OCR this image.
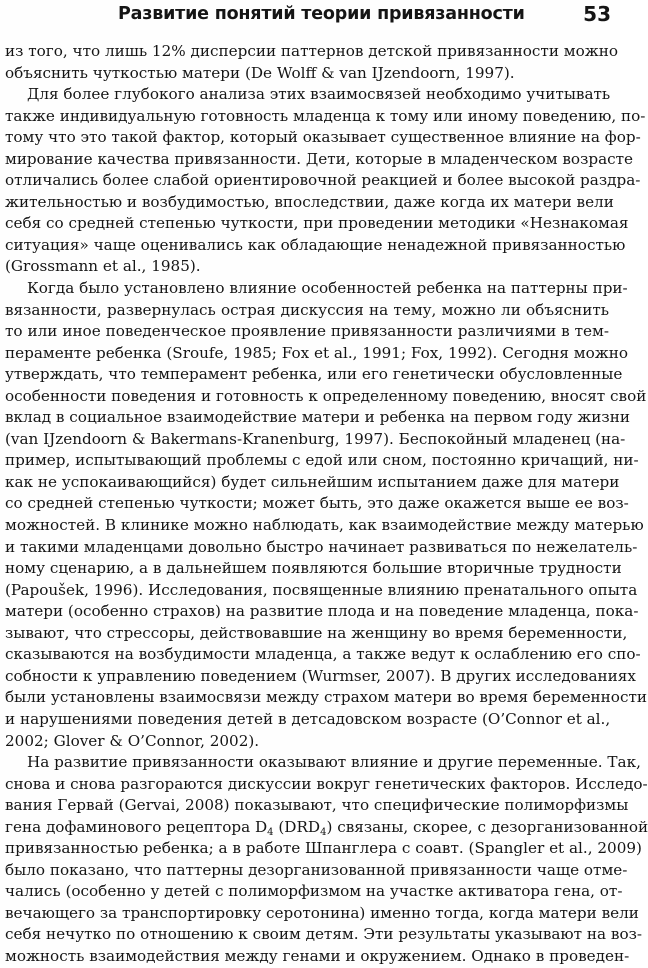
Развитие понятий теории привязанности	53
из того, что лишь 12% дисперсии паттернов детской привязанности можно
объяснить чуткостью матери (De Wolff & van IJzendoorn, 1997).
Для более глубокого анализа этих взаимосвязей необходимо учитывать
также индивидуальную готовность младенца к тому или иному поведению, по-
тому что это такой фактор, который оказывает существенное влияние на фор-
мирование качества привязанности. Дети, которые в младенческом возрасте
отличались более слабой ориентировочной реакцией и более высокой раздра-
жительностью и возбудимостью, впоследствии, даже когда их матери вели
себя со средней степенью чуткости, при проведении методики «Незнакомая
ситуация» чаще оценивались как обладающие ненадежной привязанностью
(Grossmann et al., 1985).
Когда было установлено влияние особенностей ребенка на паттерны при-
вязанности, развернулась острая дискуссия на тему, можно ли объяснить
то или иное поведенческое проявление привязанности различиями в тем-
пераменте ребенка (Sroufe, 1985; Fox et al., 1991; Fox, 1992). Сегодня можно
утверждать, что темперамент ребенка, или его генетически обусловленные
особенности поведения и готовность к определенному поведению, вносят свой
вклад в социальное взаимодействие матери и ребенка на первом году жизни
(van IJzendoorn & Bakermans-Kranenburg, 1997). Беспокойный младенец (на-
пример, испытывающий проблемы с едой или сном, постоянно кричащий, ни-
как не успокаивающийся) будет сильнейшим испытанием даже для матери
со средней степенью чуткости; может быть, это даже окажется выше ее воз-
можностей. В клинике можно наблюдать, как взаимодействие между матерью
и такими младенцами довольно быстро начинает развиваться по нежелатель-
ному сценарию, а в дальнейшем появляются большие вторичные трудности
(Papoušek, 1996). Исследования, посвященные влиянию пренатального опыта
матери (особенно страхов) на развитие плода и на поведение младенца, пока-
зывают, что стрессоры, действовавшие на женщину во время беременности,
сказываются на возбудимости младенца, а также ведут к ослаблению его спо-
собности к управлению поведением (Wurmser, 2007). В других исследованиях
были установлены взаимосвязи между страхом матери во время беременности
и нарушениями поведения детей в детсадовском возрасте (O’Connor et al.,
2002; Glover & O’Connor, 2002).
На развитие привязанности оказывают влияние и другие переменные. Так,
снова и снова разгораются дискуссии вокруг генетических факторов. Исследо-
вания Гервай (Gervai, 2008) показывают, что специфические полиморфизмы
гена дофаминового рецептора $D_4$ $(DRD_4)$ связаны, скорее, с дезорганизованной
привязанностью ребенка; а в работе Шпанглера с соавт. (Spangler et al., 2009)
было показано, что паттерны дезорганизованной привязанности чаще отме-
чались (особенно у детей с полиморфизмом на участке активатора гена, от-
вечающего за транспортировку серотонина) именно тогда, когда матери вели
себя нечутко по отношению к своим детям. Эти результаты указывают на воз-
можность взаимодействия между генами и окружением. Однако в проведен-
